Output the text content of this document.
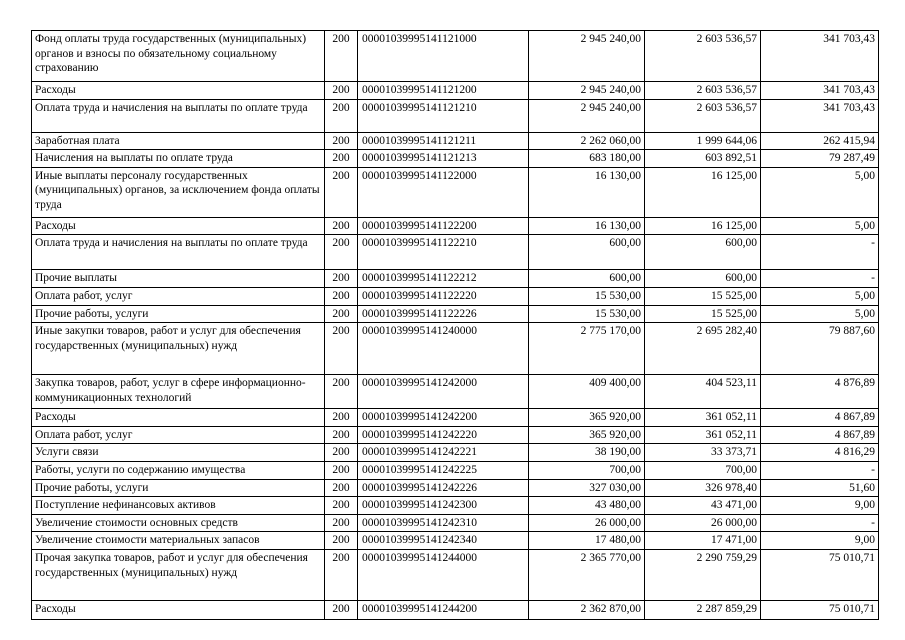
Фонд оплаты труда государственных (муниципальных) органов и взносы по обязательному социальному страхованию	200	00001039995141121000	2 945 240,00	2 603 536,57	341 703,43
Расходы	200	00001039995141121200	2 945 240,00	2 603 536,57	341 703,43
Оплата труда и начисления на выплаты по оплате труда	200	00001039995141121210	2 945 240,00	2 603 536,57	341 703,43
Заработная плата	200	00001039995141121211	2 262 060,00	1 999 644,06	262 415,94
Начисления на выплаты по оплате труда	200	00001039995141121213	683 180,00	603 892,51	79 287,49
Иные выплаты персоналу государственных (муниципальных) органов, за исключением фонда оплаты труда	200	00001039995141122000	16 130,00	16 125,00	5,00
Расходы	200	00001039995141122200	16 130,00	16 125,00	5,00
Оплата труда и начисления на выплаты по оплате труда	200	00001039995141122210	600,00	600,00	-
Прочие выплаты	200	00001039995141122212	600,00	600,00	-
Оплата работ, услуг	200	00001039995141122220	15 530,00	15 525,00	5,00
Прочие работы, услуги	200	00001039995141122226	15 530,00	15 525,00	5,00
Иные закупки товаров, работ и услуг для обеспечения государственных (муниципальных) нужд	200	00001039995141240000	2 775 170,00	2 695 282,40	79 887,60
Закупка товаров, работ, услуг в сфере информационно-коммуникационных технологий	200	00001039995141242000	409 400,00	404 523,11	4 876,89
Расходы	200	00001039995141242200	365 920,00	361 052,11	4 867,89
Оплата работ, услуг	200	00001039995141242220	365 920,00	361 052,11	4 867,89
Услуги связи	200	00001039995141242221	38 190,00	33 373,71	4 816,29
Работы, услуги по содержанию имущества	200	00001039995141242225	700,00	700,00	-
Прочие работы, услуги	200	00001039995141242226	327 030,00	326 978,40	51,60
Поступление нефинансовых активов	200	00001039995141242300	43 480,00	43 471,00	9,00
Увеличение стоимости основных средств	200	00001039995141242310	26 000,00	26 000,00	-
Увеличение стоимости материальных запасов	200	00001039995141242340	17 480,00	17 471,00	9,00
Прочая закупка товаров, работ и услуг для обеспечения государственных (муниципальных) нужд	200	00001039995141244000	2 365 770,00	2 290 759,29	75 010,71
Расходы	200	00001039995141244200	2 362 870,00	2 287 859,29	75 010,71
